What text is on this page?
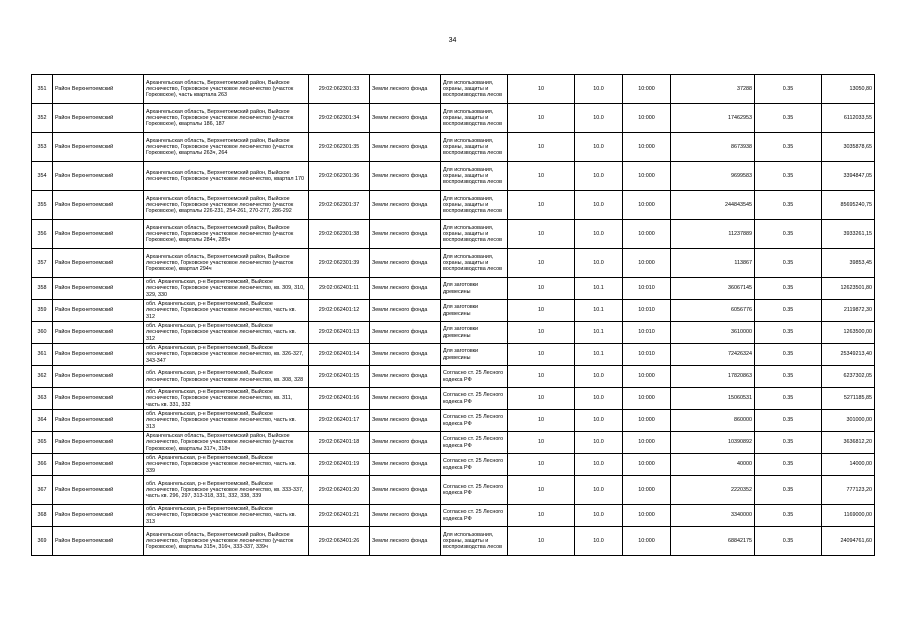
34
351	Район Верхнетоемский	Архангельская область, Верхнетоемский район, Выйское лесничество, Горковское участковое лесничество (участок Горковское), часть квартала 263	29:02:062301:33	Земли лесного фонда	Для использования, охраны, защиты и воспроизводства лесов	10	10.0	10:000	37288	0.35	13050,80
352	Район Верхнетоемский	Архангельская область, Верхнетоемский район, Выйское лесничество, Горковское участковое лесничество (участок Горковское), кварталы 186, 187	29:02:062301:34	Земли лесного фонда	Для использования, охраны, защиты и воспроизводства лесов	10	10.0	10:000	17462953	0.35	6112033,55
353	Район Верхнетоемский	Архангельская область, Верхнетоемский район, Выйское лесничество, Горковское участковое лесничество (участок Горковское), кварталы 263ч, 264	29:02:062301:35	Земли лесного фонда	Для использования, охраны, защиты и воспроизводства лесов	10	10.0	10:000	8673938	0.35	3035878,65
354	Район Верхнетоемский	Архангельская область, Верхнетоемский район, Выйское лесничество, Горковское участковое лесничество, квартал 170	29:02:062301:36	Земли лесного фонда	Для использования, охраны, защиты и воспроизводства лесов	10	10.0	10:000	9699583	0.35	3394847,05
355	Район Верхнетоемский	Архангельская область, Верхнетоемский район, Выйское лесничество, Горковское участковое лесничество (участок Горковское), кварталы 226-231, 254-261, 270-277, 286-292	29:02:062301:37	Земли лесного фонда	Для использования, охраны, защиты и воспроизводства лесов	10	10.0	10:000	244843545	0.35	85695240,75
356	Район Верхнетоемский	Архангельская область, Верхнетоемский район, Выйское лесничество, Горковское участковое лесничество (участок Горковское), кварталы 284ч, 285ч	29:02:062301:38	Земли лесного фонда	Для использования, охраны, защиты и воспроизводства лесов	10	10.0	10:000	11237889	0.35	3933261,15
357	Район Верхнетоемский	Архангельская область, Верхнетоемский район, Выйское лесничество, Горковское участковое лесничество (участок Горковское), квартал 294ч	29:02:062301:39	Земли лесного фонда	Для использования, охраны, защиты и воспроизводства лесов	10	10.0	10:000	113867	0.35	39853,45
358	Район Верхнетоемский	обл. Архангельская, р-н Верхнетоемский, Выйское лесничество, Горковское участковое лесничество, кв. 309, 310, 329, 330	29:02:062401:11	Земли лесного фонда	Для заготовки древесины	10	10.1	10:010	36067145	0.35	12623501,80
359	Район Верхнетоемский	обл. Архангельская, р-н Верхнетоемский, Выйское лесничество, Горковское участковое лесничество, часть кв. 312	29:02:062401:12	Земли лесного фонда	Для заготовки древесины	10	10.1	10:010	6056776	0.35	2119872,30
360	Район Верхнетоемский	обл. Архангельская, р-н Верхнетоемский, Выйское лесничество, Горковское участковое лесничество, часть кв. 312	29:02:062401:13	Земли лесного фонда	Для заготовки древесины	10	10.1	10:010	3610000	0.35	1263500,00
361	Район Верхнетоемский	обл. Архангельская, р-н Верхнетоемский, Выйское лесничество, Горковское участковое лесничество, кв. 326-327, 343-347	29:02:062401:14	Земли лесного фонда	Для заготовки древесины	10	10.1	10:010	72426324	0.35	25349213,40
362	Район Верхнетоемский	обл. Архангельская, р-н Верхнетоемский, Выйское лесничество, Горковское участковое лесничество, кв. 308, 328	29:02:062401:15	Земли лесного фонда	Согласно ст. 25 Лесного кодекса РФ	10	10.0	10:000	17820863	0.35	6237302,05
363	Район Верхнетоемский	обл. Архангельская, р-н Верхнетоемский, Выйское лесничество, Горковское участковое лесничество, кв. 311, часть кв. 331, 332	29:02:062401:16	Земли лесного фонда	Согласно ст. 25 Лесного кодекса РФ	10	10.0	10:000	15060531	0.35	5271185,85
364	Район Верхнетоемский	обл. Архангельская, р-н Верхнетоемский, Выйское лесничество, Горковское участковое лесничество, часть кв. 313	29:02:062401:17	Земли лесного фонда	Согласно ст. 25 Лесного кодекса РФ	10	10.0	10:000	860000	0.35	301000,00
365	Район Верхнетоемский	Архангельская область, Верхнетоемский район, Выйское лесничество, Горковское участковое лесничество (участок Горковское), кварталы 317ч, 318ч	29:02:062401:18	Земли лесного фонда	Согласно ст. 25 Лесного кодекса РФ	10	10.0	10:000	10390892	0.35	3636812,20
366	Район Верхнетоемский	обл. Архангельская, р-н Верхнетоемский, Выйское лесничество, Горковское участковое лесничество, часть кв. 339	29:02:062401:19	Земли лесного фонда	Согласно ст. 25 Лесного кодекса РФ	10	10.0	10:000	40000	0.35	14000,00
367	Район Верхнетоемский	обл. Архангельская, р-н Верхнетоемский, Выйское лесничество, Горковское участковое лесничество, кв. 333-337, часть кв. 296, 297, 313-318, 331, 332, 338, 339	29:02:062401:20	Земли лесного фонда	Согласно ст. 25 Лесного кодекса РФ	10	10.0	10:000	2220352	0.35	777123,20
368	Район Верхнетоемский	обл. Архангельская, р-н Верхнетоемский, Выйское лесничество, Горковское участковое лесничество, часть кв. 313	29:02:062401:21	Земли лесного фонда	Согласно ст. 25 Лесного кодекса РФ	10	10.0	10:000	3340000	0.35	1169000,00
369	Район Верхнетоемский	Архангельская область, Верхнетоемский район, Выйское лесничество, Горковское участковое лесничество (участок Горковское), кварталы 315ч, 316ч, 333-337, 339ч	29:02:063401:26	Земли лесного фонда	Для использования, охраны, защиты и воспроизводства лесов	10	10.0	10:000	68842175	0.35	24094761,60
